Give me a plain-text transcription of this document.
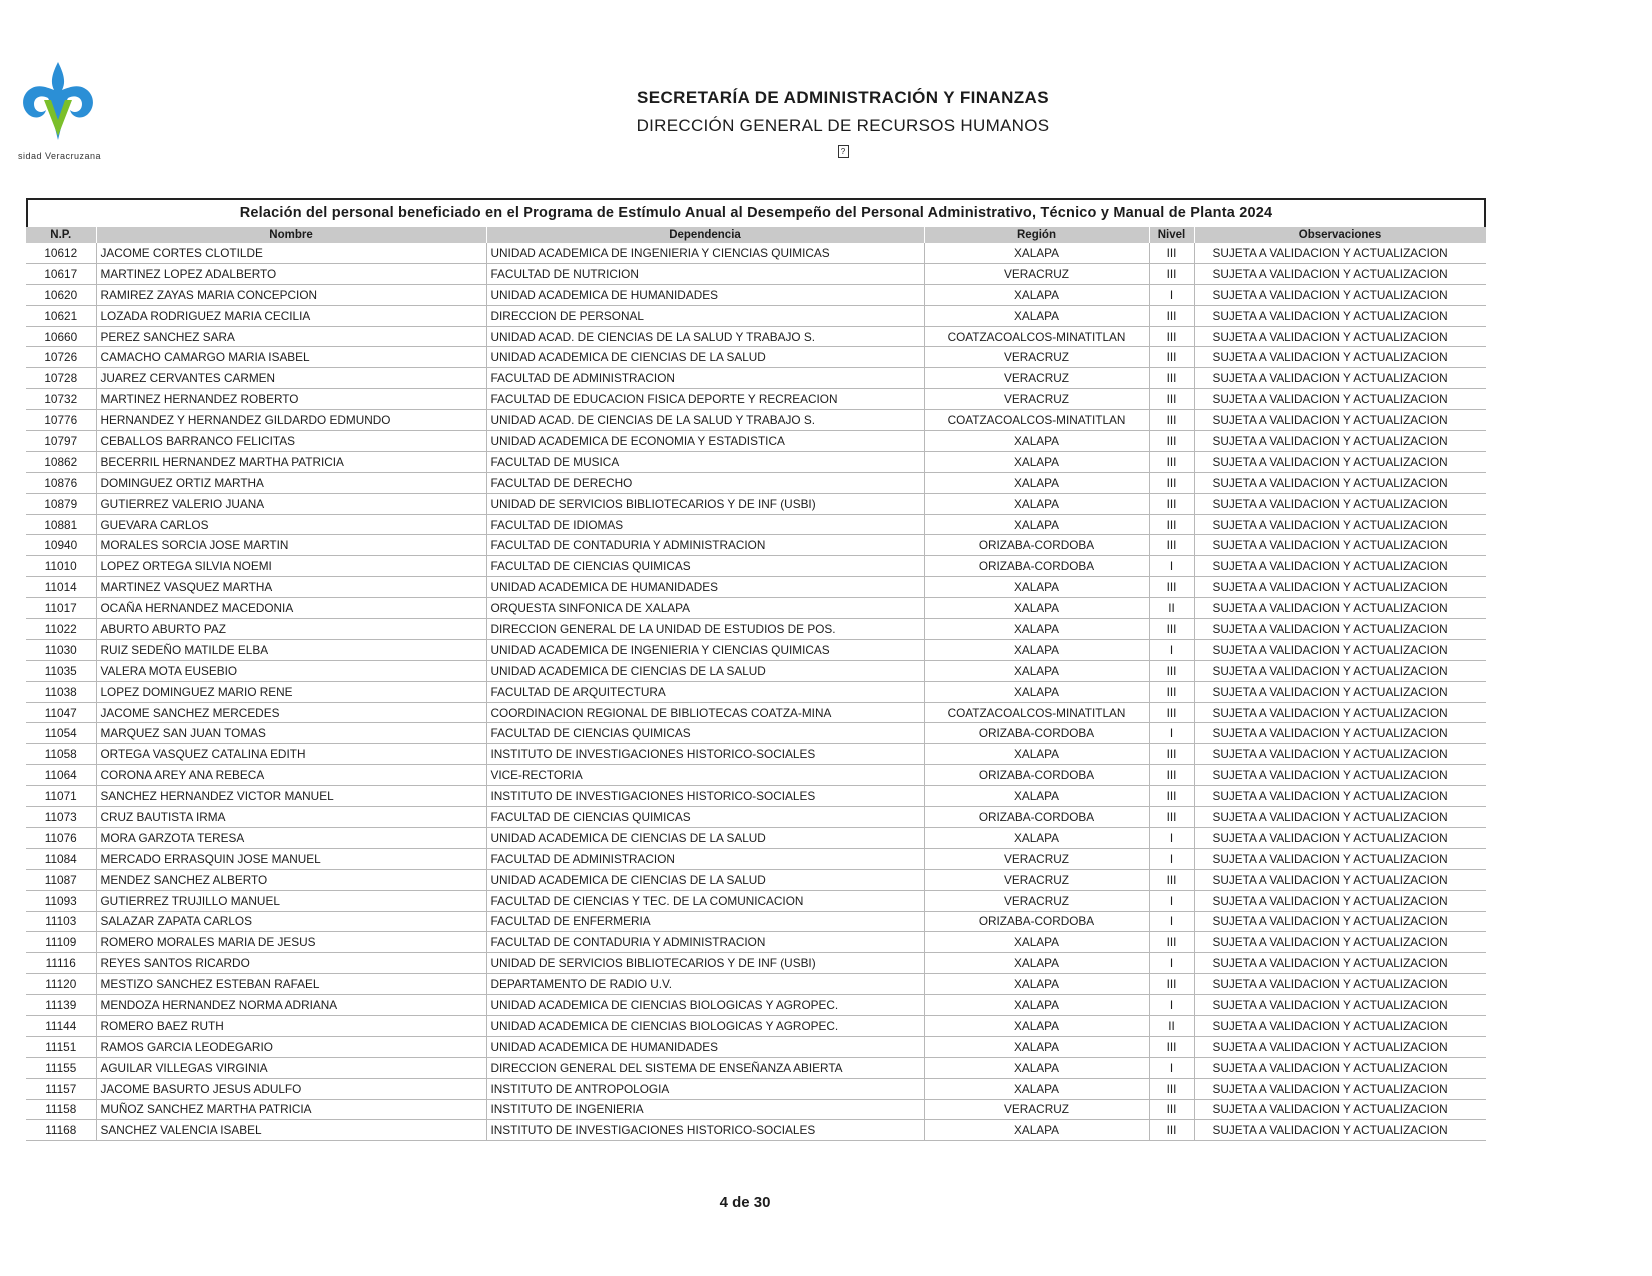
sidad Veracruzana
SECRETARÍA DE ADMINISTRACIÓN Y FINANZAS
DIRECCIÓN GENERAL DE RECURSOS HUMANOS
?
Relación del personal beneficiado en el Programa de Estímulo Anual al Desempeño del Personal Administrativo, Técnico y Manual de Planta 2024
N.P.	Nombre	Dependencia	Región	Nivel	Observaciones
10612	JACOME CORTES CLOTILDE	UNIDAD ACADEMICA DE INGENIERIA Y CIENCIAS QUIMICAS	XALAPA	III	SUJETA A VALIDACION Y ACTUALIZACION
10617	MARTINEZ LOPEZ ADALBERTO	FACULTAD DE NUTRICION	VERACRUZ	III	SUJETA A VALIDACION Y ACTUALIZACION
10620	RAMIREZ ZAYAS MARIA CONCEPCION	UNIDAD ACADEMICA DE HUMANIDADES	XALAPA	I	SUJETA A VALIDACION Y ACTUALIZACION
10621	LOZADA RODRIGUEZ MARIA CECILIA	DIRECCION DE PERSONAL	XALAPA	III	SUJETA A VALIDACION Y ACTUALIZACION
10660	PEREZ SANCHEZ SARA	UNIDAD ACAD. DE CIENCIAS DE LA SALUD Y TRABAJO S.	COATZACOALCOS-MINATITLAN	III	SUJETA A VALIDACION Y ACTUALIZACION
10726	CAMACHO CAMARGO MARIA ISABEL	UNIDAD ACADEMICA DE CIENCIAS DE LA SALUD	VERACRUZ	III	SUJETA A VALIDACION Y ACTUALIZACION
10728	JUAREZ CERVANTES CARMEN	FACULTAD DE ADMINISTRACION	VERACRUZ	III	SUJETA A VALIDACION Y ACTUALIZACION
10732	MARTINEZ HERNANDEZ ROBERTO	FACULTAD DE EDUCACION FISICA DEPORTE Y RECREACION	VERACRUZ	III	SUJETA A VALIDACION Y ACTUALIZACION
10776	HERNANDEZ Y HERNANDEZ GILDARDO EDMUNDO	UNIDAD ACAD. DE CIENCIAS DE LA SALUD Y TRABAJO S.	COATZACOALCOS-MINATITLAN	III	SUJETA A VALIDACION Y ACTUALIZACION
10797	CEBALLOS BARRANCO FELICITAS	UNIDAD ACADEMICA DE ECONOMIA Y ESTADISTICA	XALAPA	III	SUJETA A VALIDACION Y ACTUALIZACION
10862	BECERRIL HERNANDEZ MARTHA PATRICIA	FACULTAD DE MUSICA	XALAPA	III	SUJETA A VALIDACION Y ACTUALIZACION
10876	DOMINGUEZ ORTIZ MARTHA	FACULTAD DE DERECHO	XALAPA	III	SUJETA A VALIDACION Y ACTUALIZACION
10879	GUTIERREZ VALERIO JUANA	UNIDAD DE SERVICIOS BIBLIOTECARIOS Y DE INF (USBI)	XALAPA	III	SUJETA A VALIDACION Y ACTUALIZACION
10881	GUEVARA CARLOS	FACULTAD DE IDIOMAS	XALAPA	III	SUJETA A VALIDACION Y ACTUALIZACION
10940	MORALES SORCIA JOSE MARTIN	FACULTAD DE CONTADURIA Y ADMINISTRACION	ORIZABA-CORDOBA	III	SUJETA A VALIDACION Y ACTUALIZACION
11010	LOPEZ ORTEGA SILVIA NOEMI	FACULTAD DE CIENCIAS QUIMICAS	ORIZABA-CORDOBA	I	SUJETA A VALIDACION Y ACTUALIZACION
11014	MARTINEZ VASQUEZ MARTHA	UNIDAD ACADEMICA DE HUMANIDADES	XALAPA	III	SUJETA A VALIDACION Y ACTUALIZACION
11017	OCAÑA HERNANDEZ MACEDONIA	ORQUESTA SINFONICA DE XALAPA	XALAPA	II	SUJETA A VALIDACION Y ACTUALIZACION
11022	ABURTO ABURTO PAZ	DIRECCION GENERAL DE LA UNIDAD DE ESTUDIOS DE POS.	XALAPA	III	SUJETA A VALIDACION Y ACTUALIZACION
11030	RUIZ SEDEÑO MATILDE ELBA	UNIDAD ACADEMICA DE INGENIERIA Y CIENCIAS QUIMICAS	XALAPA	I	SUJETA A VALIDACION Y ACTUALIZACION
11035	VALERA MOTA EUSEBIO	UNIDAD ACADEMICA DE CIENCIAS DE LA SALUD	XALAPA	III	SUJETA A VALIDACION Y ACTUALIZACION
11038	LOPEZ DOMINGUEZ MARIO RENE	FACULTAD DE ARQUITECTURA	XALAPA	III	SUJETA A VALIDACION Y ACTUALIZACION
11047	JACOME SANCHEZ MERCEDES	COORDINACION REGIONAL DE BIBLIOTECAS COATZA-MINA	COATZACOALCOS-MINATITLAN	III	SUJETA A VALIDACION Y ACTUALIZACION
11054	MARQUEZ SAN JUAN TOMAS	FACULTAD DE CIENCIAS QUIMICAS	ORIZABA-CORDOBA	I	SUJETA A VALIDACION Y ACTUALIZACION
11058	ORTEGA VASQUEZ CATALINA EDITH	INSTITUTO DE INVESTIGACIONES HISTORICO-SOCIALES	XALAPA	III	SUJETA A VALIDACION Y ACTUALIZACION
11064	CORONA AREY ANA REBECA	VICE-RECTORIA	ORIZABA-CORDOBA	III	SUJETA A VALIDACION Y ACTUALIZACION
11071	SANCHEZ HERNANDEZ VICTOR MANUEL	INSTITUTO DE INVESTIGACIONES HISTORICO-SOCIALES	XALAPA	III	SUJETA A VALIDACION Y ACTUALIZACION
11073	CRUZ BAUTISTA IRMA	FACULTAD DE CIENCIAS QUIMICAS	ORIZABA-CORDOBA	III	SUJETA A VALIDACION Y ACTUALIZACION
11076	MORA GARZOTA TERESA	UNIDAD ACADEMICA DE CIENCIAS DE LA SALUD	XALAPA	I	SUJETA A VALIDACION Y ACTUALIZACION
11084	MERCADO ERRASQUIN JOSE MANUEL	FACULTAD DE ADMINISTRACION	VERACRUZ	I	SUJETA A VALIDACION Y ACTUALIZACION
11087	MENDEZ SANCHEZ ALBERTO	UNIDAD ACADEMICA DE CIENCIAS DE LA SALUD	VERACRUZ	III	SUJETA A VALIDACION Y ACTUALIZACION
11093	GUTIERREZ TRUJILLO MANUEL	FACULTAD DE CIENCIAS Y TEC. DE LA COMUNICACION	VERACRUZ	I	SUJETA A VALIDACION Y ACTUALIZACION
11103	SALAZAR ZAPATA CARLOS	FACULTAD DE ENFERMERIA	ORIZABA-CORDOBA	I	SUJETA A VALIDACION Y ACTUALIZACION
11109	ROMERO MORALES MARIA DE JESUS	FACULTAD DE CONTADURIA Y ADMINISTRACION	XALAPA	III	SUJETA A VALIDACION Y ACTUALIZACION
11116	REYES SANTOS RICARDO	UNIDAD DE SERVICIOS BIBLIOTECARIOS Y DE INF (USBI)	XALAPA	I	SUJETA A VALIDACION Y ACTUALIZACION
11120	MESTIZO SANCHEZ ESTEBAN RAFAEL	DEPARTAMENTO DE RADIO U.V.	XALAPA	III	SUJETA A VALIDACION Y ACTUALIZACION
11139	MENDOZA HERNANDEZ NORMA ADRIANA	UNIDAD ACADEMICA DE CIENCIAS BIOLOGICAS Y AGROPEC.	XALAPA	I	SUJETA A VALIDACION Y ACTUALIZACION
11144	ROMERO BAEZ RUTH	UNIDAD ACADEMICA DE CIENCIAS BIOLOGICAS Y AGROPEC.	XALAPA	II	SUJETA A VALIDACION Y ACTUALIZACION
11151	RAMOS GARCIA LEODEGARIO	UNIDAD ACADEMICA DE HUMANIDADES	XALAPA	III	SUJETA A VALIDACION Y ACTUALIZACION
11155	AGUILAR VILLEGAS VIRGINIA	DIRECCION GENERAL DEL SISTEMA DE ENSEÑANZA ABIERTA	XALAPA	I	SUJETA A VALIDACION Y ACTUALIZACION
11157	JACOME BASURTO JESUS ADULFO	INSTITUTO DE ANTROPOLOGIA	XALAPA	III	SUJETA A VALIDACION Y ACTUALIZACION
11158	MUÑOZ SANCHEZ MARTHA PATRICIA	INSTITUTO DE INGENIERIA	VERACRUZ	III	SUJETA A VALIDACION Y ACTUALIZACION
11168	SANCHEZ VALENCIA ISABEL	INSTITUTO DE INVESTIGACIONES HISTORICO-SOCIALES	XALAPA	III	SUJETA A VALIDACION Y ACTUALIZACION
4 de 30
